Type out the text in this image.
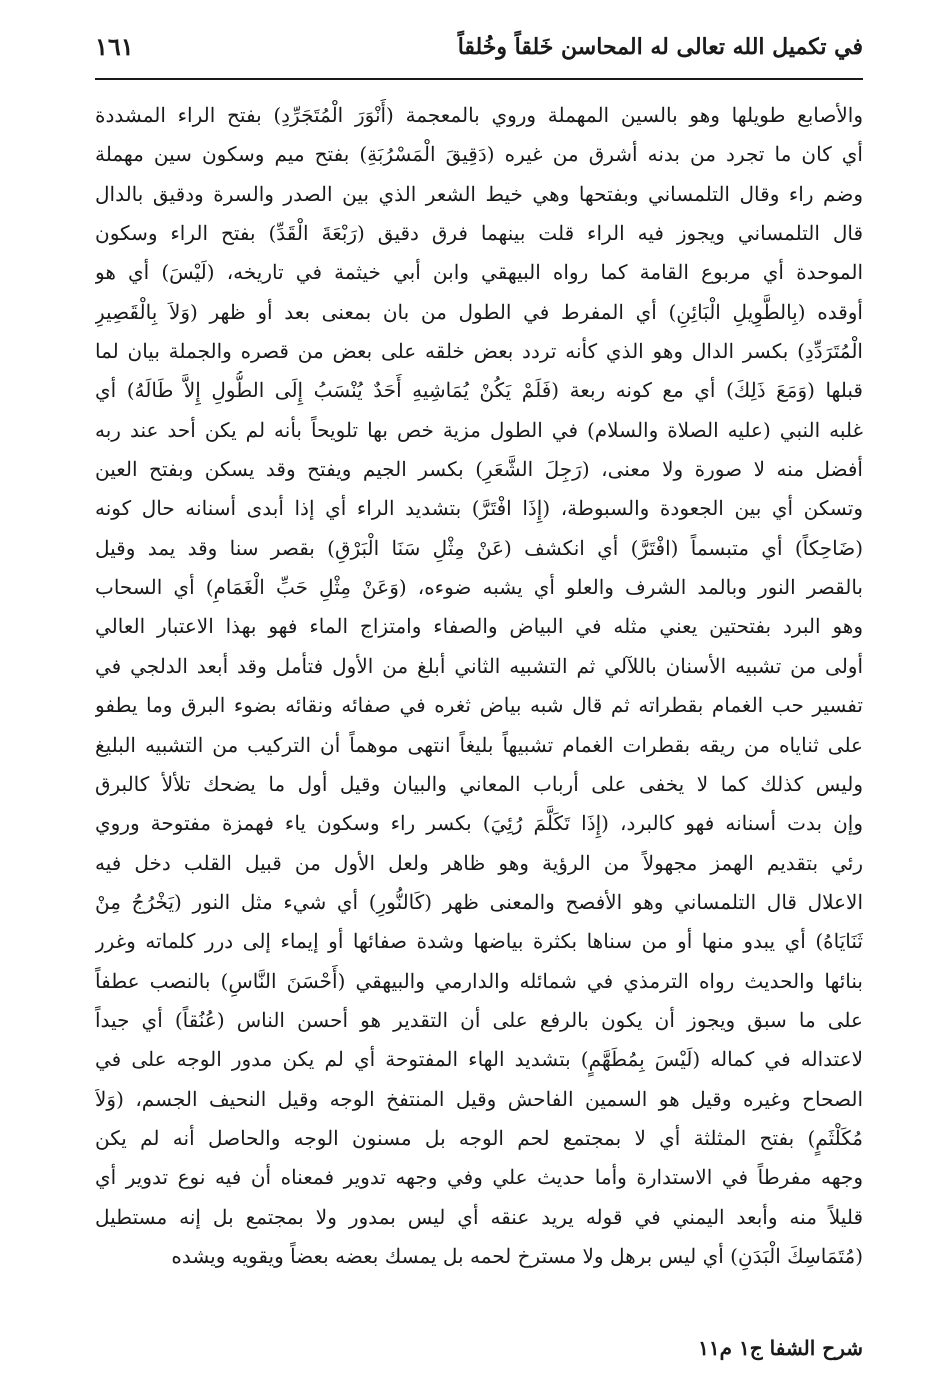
في تكميل الله تعالى له المحاسن خَلقاً وخُلقاً
١٦١
والأصابع طويلها وهو بالسين المهملة وروي بالمعجمة (أَنْوَرَ الْمُتَجَرِّدِ) بفتح الراء المشددة
أي كان ما تجرد من بدنه أشرق من غيره (دَقِيقَ الْمَسْرُبَةِ) بفتح ميم وسكون سين مهملة
وضم راء وقال التلمساني وبفتحها وهي خيط الشعر الذي بين الصدر والسرة ودقيق بالدال
قال التلمساني ويجوز فيه الراء قلت بينهما فرق دقيق (رَبْعَةَ الْقَدِّ) بفتح الراء وسكون
الموحدة أي مربوع القامة كما رواه البيهقي وابن أبي خيثمة في تاريخه، (لَيْسَ) أي هو
أوقده (بِالطَّوِيلِ الْبَائِنِ) أي المفرط في الطول من بان بمعنى بعد أو ظهر (وَلاَ بِالْقَصِيرِ
الْمُتَرَدِّدِ) بكسر الدال وهو الذي كأنه تردد بعض خلقه على بعض من قصره والجملة بيان لما
قبلها (وَمَعَ ذَلِكَ) أي مع كونه ربعة (فَلَمْ يَكُنْ يُمَاشِيهِ أَحَدٌ يُنْسَبُ إِلَى الطُّولِ إِلاَّ طَالَهُ) أي
غلبه النبي (عليه الصلاة والسلام) في الطول مزية خص بها تلويحاً بأنه لم يكن أحد عند ربه
أفضل منه لا صورة ولا معنى، (رَجِلَ الشَّعَرِ) بكسر الجيم ويفتح وقد يسكن وبفتح العين
وتسكن أي بين الجعودة والسبوطة، (إِذَا افْتَرَّ) بتشديد الراء أي إذا أبدى أسنانه حال كونه
(ضَاحِكاً) أي متبسماً (افْتَرَّ) أي انكشف (عَنْ مِثْلِ سَنَا الْبَرْقِ) بقصر سنا وقد يمد وقيل
بالقصر النور وبالمد الشرف والعلو أي يشبه ضوءه، (وَعَنْ مِثْلِ حَبِّ الْغَمَامِ) أي السحاب
وهو البرد بفتحتين يعني مثله في البياض والصفاء وامتزاج الماء فهو بهذا الاعتبار العالي
أولى من تشبيه الأسنان باللآلي ثم التشبيه الثاني أبلغ من الأول فتأمل وقد أبعد الدلجي في
تفسير حب الغمام بقطراته ثم قال شبه بياض ثغره في صفائه ونقائه بضوء البرق وما يطفو
على ثناياه من ريقه بقطرات الغمام تشبيهاً بليغاً انتهى موهماً أن التركيب من التشبيه البليغ
وليس كذلك كما لا يخفى على أرباب المعاني والبيان وقيل أول ما يضحك تلألأ كالبرق
وإن بدت أسنانه فهو كالبرد، (إِذَا تَكَلَّمَ رُئِيَ) بكسر راء وسكون ياء فهمزة مفتوحة وروي
رئي بتقديم الهمز مجهولاً من الرؤية وهو ظاهر ولعل الأول من قبيل القلب دخل فيه
الاعلال قال التلمساني وهو الأفصح والمعنى ظهر (كَالنُّورِ) أي شيء مثل النور (يَخْرُجُ مِنْ
ثَنَايَاهُ) أي يبدو منها أو من سناها بكثرة بياضها وشدة صفائها أو إيماء إلى درر كلماته وغرر
بنائها والحديث رواه الترمذي في شمائله والدارمي والبيهقي (أَحْسَنَ النَّاسِ) بالنصب عطفاً
على ما سبق ويجوز أن يكون بالرفع على أن التقدير هو أحسن الناس (عُنُقاً) أي جيداً
لاعتداله في كماله (لَيْسَ بِمُطَهَّمٍ) بتشديد الهاء المفتوحة أي لم يكن مدور الوجه على في
الصحاح وغيره وقيل هو السمين الفاحش وقيل المنتفخ الوجه وقيل النحيف الجسم، (وَلاَ
مُكَلْثَمٍ) بفتح المثلثة أي لا بمجتمع لحم الوجه بل مسنون الوجه والحاصل أنه لم يكن
وجهه مفرطاً في الاستدارة وأما حديث علي وفي وجهه تدوير فمعناه أن فيه نوع تدوير أي
قليلاً منه وأبعد اليمني في قوله يريد عنقه أي ليس بمدور ولا بمجتمع بل إنه مستطيل
(مُتَمَاسِكَ الْبَدَنِ) أي ليس برهل ولا مسترخ لحمه بل يمسك بعضه بعضاً ويقويه ويشده
شرح الشفا ج١ م١١
